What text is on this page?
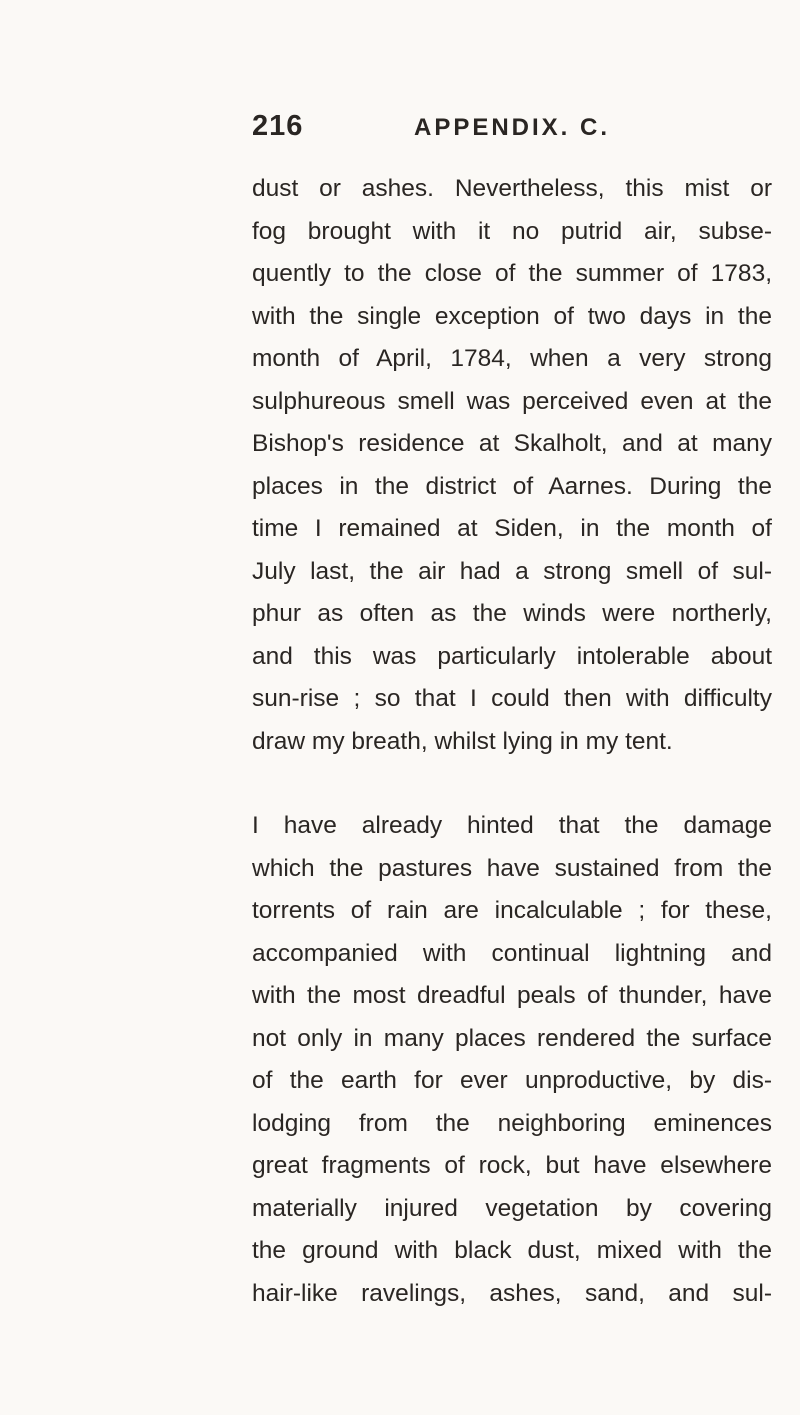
216	APPENDIX. C.
dust or ashes. Nevertheless, this mist or
fog brought with it no putrid air, subse-
quently to the close of the summer of 1783,
with the single exception of two days in the
month of April, 1784, when a very strong
sulphureous smell was perceived even at the
Bishop's residence at Skalholt, and at many
places in the district of Aarnes. During the
time I remained at Siden, in the month of
July last, the air had a strong smell of sul-
phur as often as the winds were northerly,
and this was particularly intolerable about
sun-rise ; so that I could then with difficulty
draw my breath, whilst lying in my tent.
I have already hinted that the damage
which the pastures have sustained from the
torrents of rain are incalculable ; for these,
accompanied with continual lightning and
with the most dreadful peals of thunder, have
not only in many places rendered the surface
of the earth for ever unproductive, by dis-
lodging from the neighboring eminences
great fragments of rock, but have elsewhere
materially injured vegetation by covering
the ground with black dust, mixed with the
hair-like ravelings, ashes, sand, and sul-
